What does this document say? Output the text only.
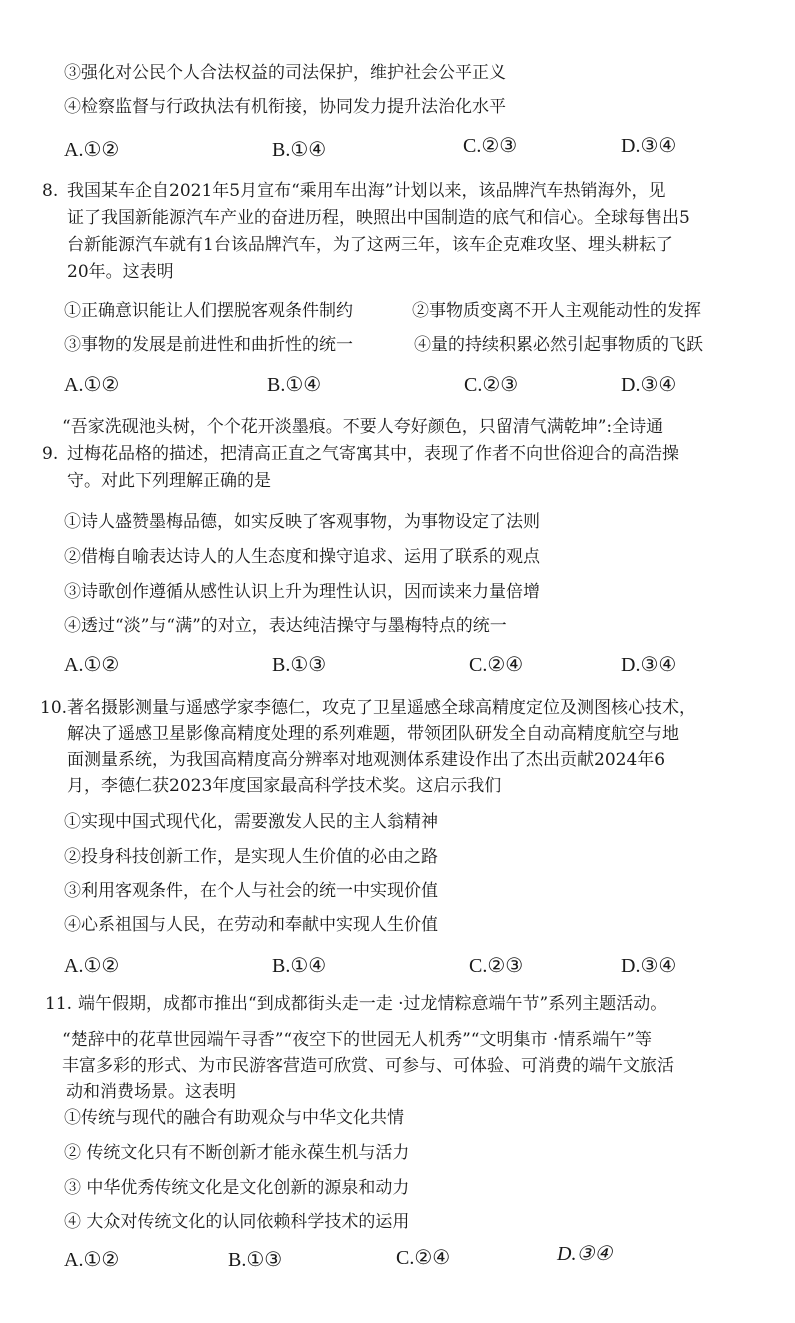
③强化对公民个人合法权益的司法保护，维护社会公平正义
④检察监督与行政执法有机衔接，协同发力提升法治化水平
A.①②	B.①④	C.②③	D.③④
8. 我国某车企自2021年5月宣布“乘用车出海”计划以来，该品牌汽车热销海外，见
证了我国新能源汽车产业的奋进历程，映照出中国制造的底气和信心。全球每售出5
台新能源汽车就有1台该品牌汽车，为了这两三年，该车企克难攻坚、埋头耕耘了
20年。这表明
①正确意识能让人们摆脱客观条件制约	②事物质变离不开人主观能动性的发挥
③事物的发展是前进性和曲折性的统一	④量的持续积累必然引起事物质的飞跃
A.①②	B.①④	C.②③	D.③④
9.
“吾家洗砚池头树，个个花开淡墨痕。不要人夸好颜色，只留清气满乾坤”:全诗通
过梅花品格的描述，把清高正直之气寄寓其中，表现了作者不向世俗迎合的高浩操
守。对此下列理解正确的是
①诗人盛赞墨梅品德，如实反映了客观事物，为事物设定了法则
②借梅自喻表达诗人的人生态度和操守追求、运用了联系的观点
③诗歌创作遵循从感性认识上升为理性认识，因而读来力量倍增
④透过“淡”与“满”的对立，表达纯洁操守与墨梅特点的统一
A.①②	B.①③	C.②④	D.③④
10. 著名摄影测量与遥感学家李德仁，攻克了卫星遥感全球高精度定位及测图核心技术，
解决了遥感卫星影像高精度处理的系列难题，带领团队研发全自动高精度航空与地
面测量系统，为我国高精度高分辨率对地观测体系建设作出了杰出贡献2024年6
月，李德仁获2023年度国家最高科学技术奖。这启示我们
①实现中国式现代化，需要激发人民的主人翁精神
②投身科技创新工作，是实现人生价值的必由之路
③利用客观条件，在个人与社会的统一中实现价值
④心系祖国与人民，在劳动和奉献中实现人生价值
A.①②	B.①④	C.②③	D.③④
11. 端午假期，成都市推出“到成都街头走一走 ·过龙情粽意端午节”系列主题活动。
“楚辞中的花草世园端午寻香”“夜空下的世园无人机秀”“文明集市 ·情系端午”等
丰富多彩的形式、为市民游客营造可欣赏、可参与、可体验、可消费的端午文旅活
动和消费场景。这表明
①传统与现代的融合有助观众与中华文化共情
② 传统文化只有不断创新才能永葆生机与活力
③ 中华优秀传统文化是文化创新的源泉和动力
④ 大众对传统文化的认同依赖科学技术的运用
A.①②	B.①③	C.②④	D.③④
